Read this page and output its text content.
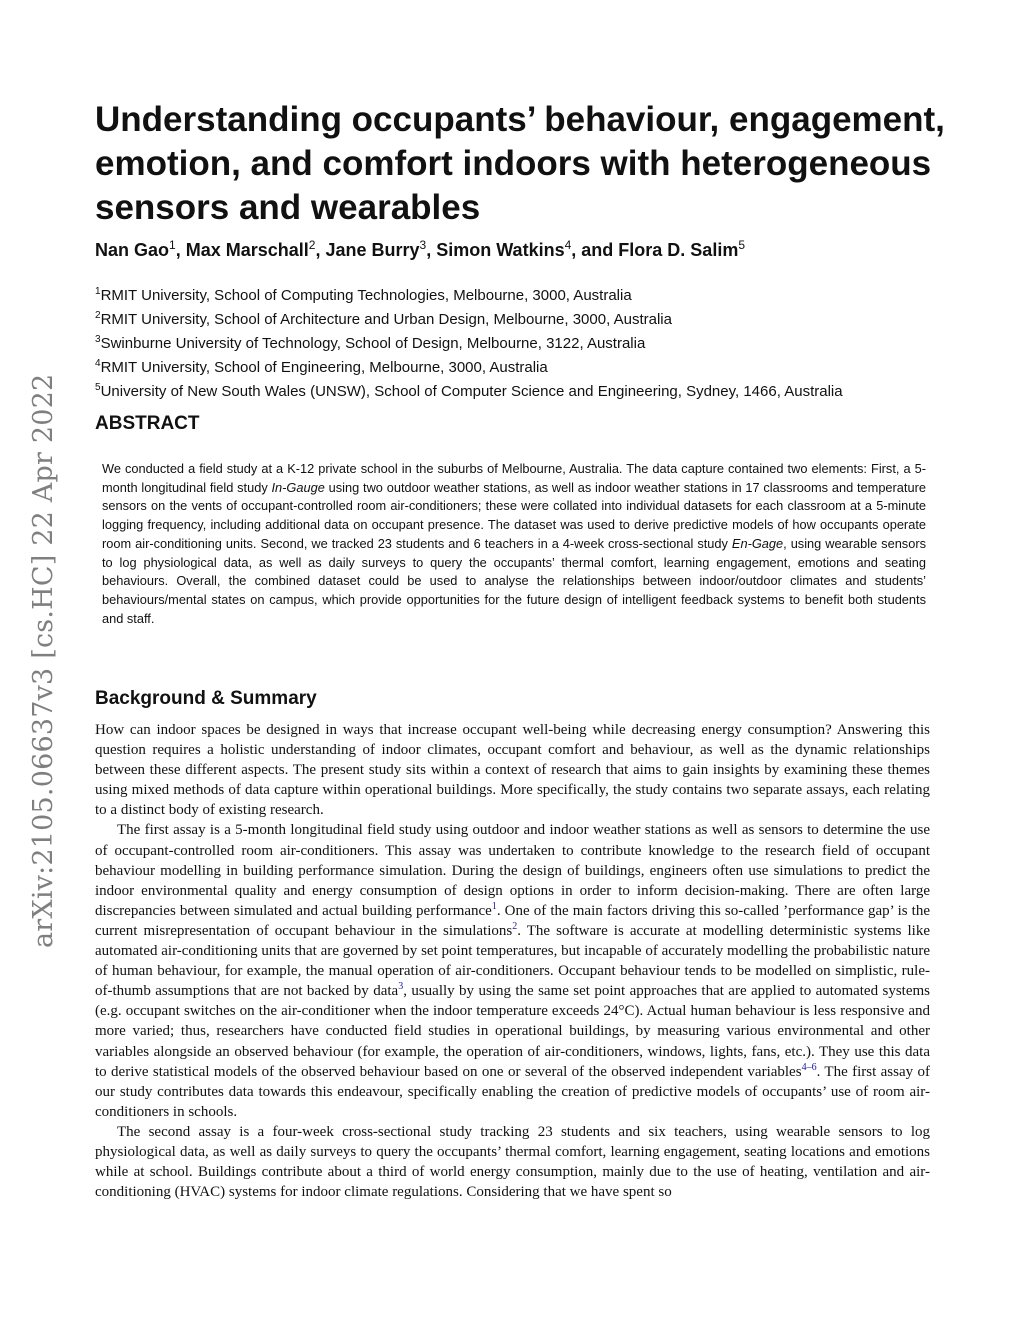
arXiv:2105.06637v3 [cs.HC] 22 Apr 2022
Understanding occupants’ behaviour, engagement, emotion, and comfort indoors with heterogeneous sensors and wearables
Nan Gao$^1$, Max Marschall$^2$, Jane Burry$^3$, Simon Watkins$^4$, and Flora D. Salim$^5$
$^1$RMIT University, School of Computing Technologies, Melbourne, 3000, Australia
$^2$RMIT University, School of Architecture and Urban Design, Melbourne, 3000, Australia
$^3$Swinburne University of Technology, School of Design, Melbourne, 3122, Australia
$^4$RMIT University, School of Engineering, Melbourne, 3000, Australia
$^5$University of New South Wales (UNSW), School of Computer Science and Engineering, Sydney, 1466, Australia
ABSTRACT

We conducted a field study at a K-12 private school in the suburbs of Melbourne, Australia. The data capture contained two elements: First, a 5-month longitudinal field study In-Gauge using two outdoor weather stations, as well as indoor weather stations in 17 classrooms and temperature sensors on the vents of occupant-controlled room air-conditioners; these were collated into individual datasets for each classroom at a 5-minute logging frequency, including additional data on occupant presence. The dataset was used to derive predictive models of how occupants operate room air-conditioning units. Second, we tracked 23 students and 6 teachers in a 4-week cross-sectional study En-Gage, using wearable sensors to log physiological data, as well as daily surveys to query the occupants’ thermal comfort, learning engagement, emotions and seating behaviours. Overall, the combined dataset could be used to analyse the relationships between indoor/outdoor climates and students’ behaviours/mental states on campus, which provide opportunities for the future design of intelligent feedback systems to benefit both students and staff.

Background & Summary

How can indoor spaces be designed in ways that increase occupant well-being while decreasing energy consumption? Answering this question requires a holistic understanding of indoor climates, occupant comfort and behaviour, as well as the dynamic relationships between these different aspects. The present study sits within a context of research that aims to gain insights by examining these themes using mixed methods of data capture within operational buildings. More specifically, the study contains two separate assays, each relating to a distinct body of existing research.

The first assay is a 5-month longitudinal field study using outdoor and indoor weather stations as well as sensors to determine the use of occupant-controlled room air-conditioners. This assay was undertaken to contribute knowledge to the research field of occupant behaviour modelling in building performance simulation. During the design of buildings, engineers often use simulations to predict the indoor environmental quality and energy consumption of design options in order to inform decision-making. There are often large discrepancies between simulated and actual building performance$^1$. One of the main factors driving this so-called ’performance gap’ is the current misrepresentation of occupant behaviour in the simulations$^2$. The software is accurate at modelling deterministic systems like automated air-conditioning units that are governed by set point temperatures, but incapable of accurately modelling the probabilistic nature of human behaviour, for example, the manual operation of air-conditioners. Occupant behaviour tends to be modelled on simplistic, rule-of-thumb assumptions that are not backed by data$^3$, usually by using the same set point approaches that are applied to automated systems (e.g. occupant switches on the air-conditioner when the indoor temperature exceeds 24°C). Actual human behaviour is less responsive and more varied; thus, researchers have conducted field studies in operational buildings, by measuring various environmental and other variables alongside an observed behaviour (for example, the operation of air-conditioners, windows, lights, fans, etc.). They use this data to derive statistical models of the observed behaviour based on one or several of the observed independent variables$^{4-6}$. The first assay of our study contributes data towards this endeavour, specifically enabling the creation of predictive models of occupants’ use of room air-conditioners in schools.

The second assay is a four-week cross-sectional study tracking 23 students and six teachers, using wearable sensors to log physiological data, as well as daily surveys to query the occupants’ thermal comfort, learning engagement, seating locations and emotions while at school. Buildings contribute about a third of world energy consumption, mainly due to the use of heating, ventilation and air-conditioning (HVAC) systems for indoor climate regulations. Considering that we have spent so
